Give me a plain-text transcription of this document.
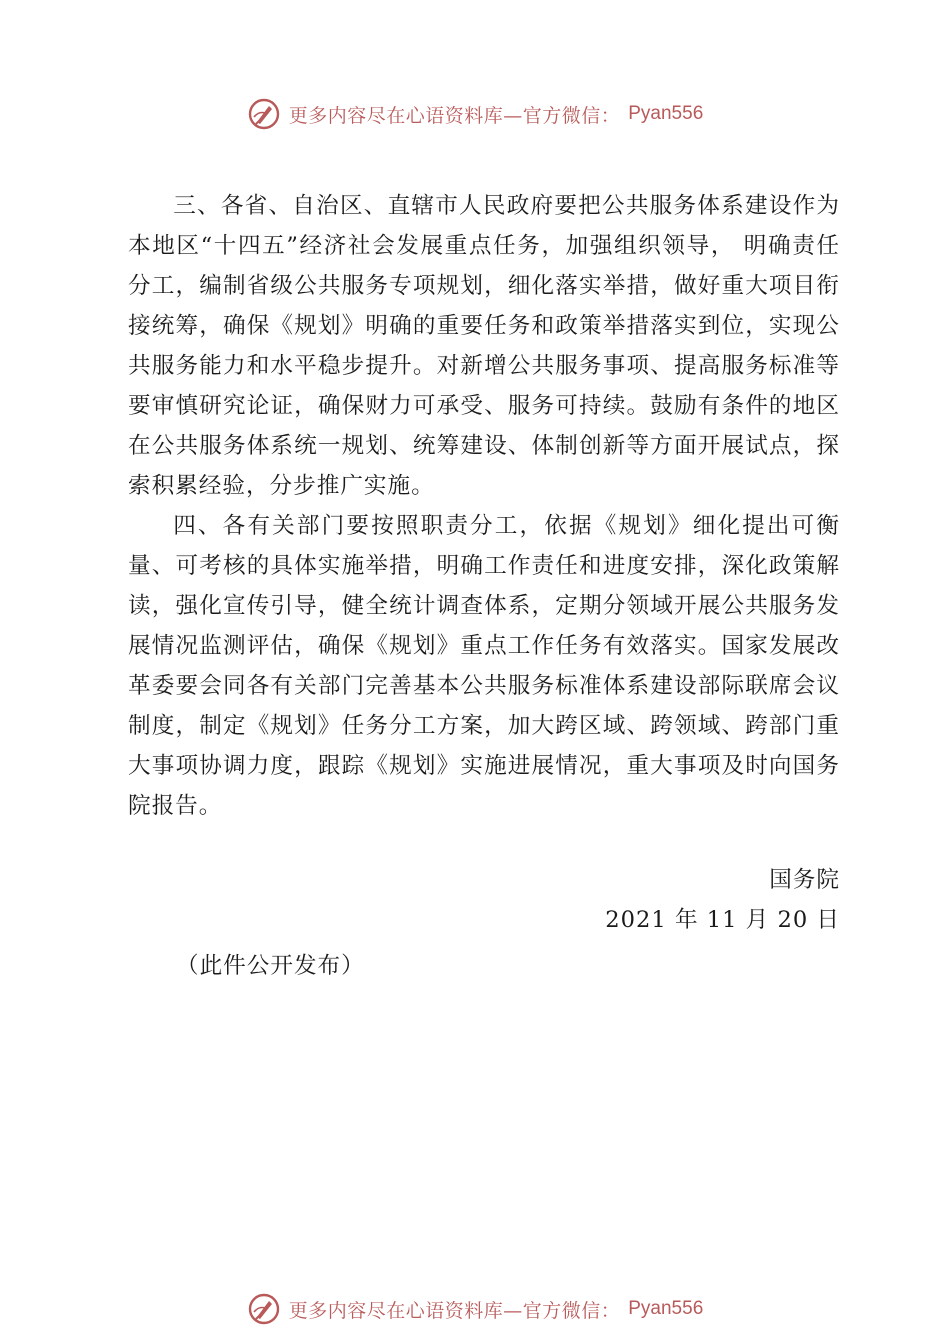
更多内容尽在心语资料库—官方微信： Pyan556

三、各省、自治区、直辖市人民政府要把公共服务体系建设作为本地区“十四五”经济社会发展重点任务，加强组织领导， 明确责任分工，编制省级公共服务专项规划，细化落实举措，做好重大项目衔接统筹，确保《规划》明确的重要任务和政策举措落实到位，实现公共服务能力和水平稳步提升。对新增公共服务事项、提高服务标准等要审慎研究论证，确保财力可承受、服务可持续。鼓励有条件的地区在公共服务体系统一规划、统筹建设、体制创新等方面开展试点，探索积累经验，分步推广实施。

四、各有关部门要按照职责分工，依据《规划》细化提出可衡量、可考核的具体实施举措，明确工作责任和进度安排，深化政策解读，强化宣传引导，健全统计调查体系，定期分领域开展公共服务发展情况监测评估，确保《规划》重点工作任务有效落实。国家发展改革委要会同各有关部门完善基本公共服务标准体系建设部际联席会议制度，制定《规划》任务分工方案，加大跨区域、跨领域、跨部门重大事项协调力度，跟踪《规划》实施进展情况，重大事项及时向国务院报告。

国务院
2021 年 11 月 20 日
（此件公开发布）
更多内容尽在心语资料库—官方微信： Pyan556
